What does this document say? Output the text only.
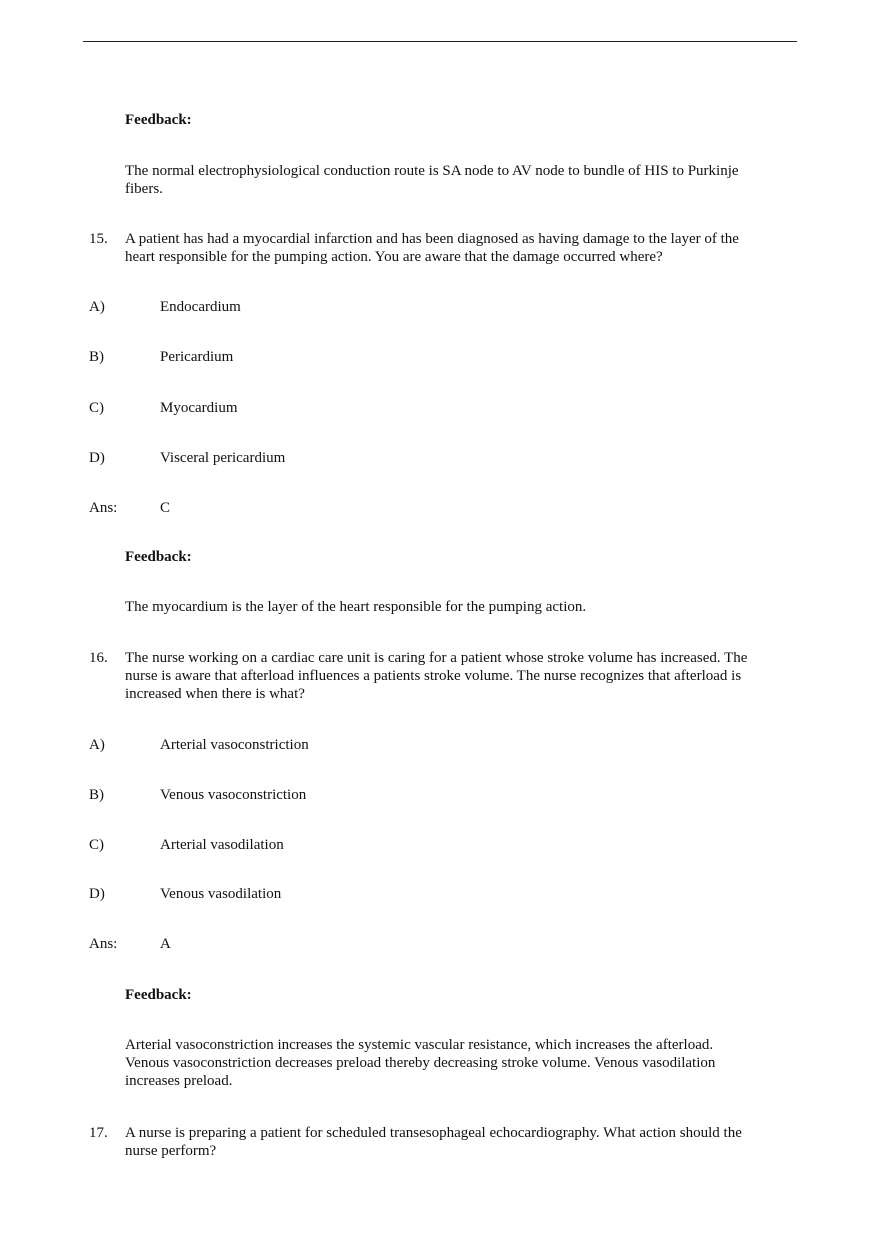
Feedback:
The normal electrophysiological conduction route is SA node to AV node to bundle of HIS to Purkinje
fibers.
15. A patient has had a myocardial infarction and has been diagnosed as having damage to the layer of the
heart responsible for the pumping action. You are aware that the damage occurred where?
A)	Endocardium
B)	Pericardium
C)	Myocardium
D)	Visceral pericardium
Ans:	C
Feedback:
The myocardium is the layer of the heart responsible for the pumping action.
16. The nurse working on a cardiac care unit is caring for a patient whose stroke volume has increased. The
nurse is aware that afterload influences a patients stroke volume. The nurse recognizes that afterload is
increased when there is what?
A)	Arterial vasoconstriction
B)	Venous vasoconstriction
C)	Arterial vasodilation
D)	Venous vasodilation
Ans:	A
Feedback:
Arterial vasoconstriction increases the systemic vascular resistance, which increases the afterload.
Venous vasoconstriction decreases preload thereby decreasing stroke volume. Venous vasodilation
increases preload.
17. A nurse is preparing a patient for scheduled transesophageal echocardiography. What action should the
nurse perform?
